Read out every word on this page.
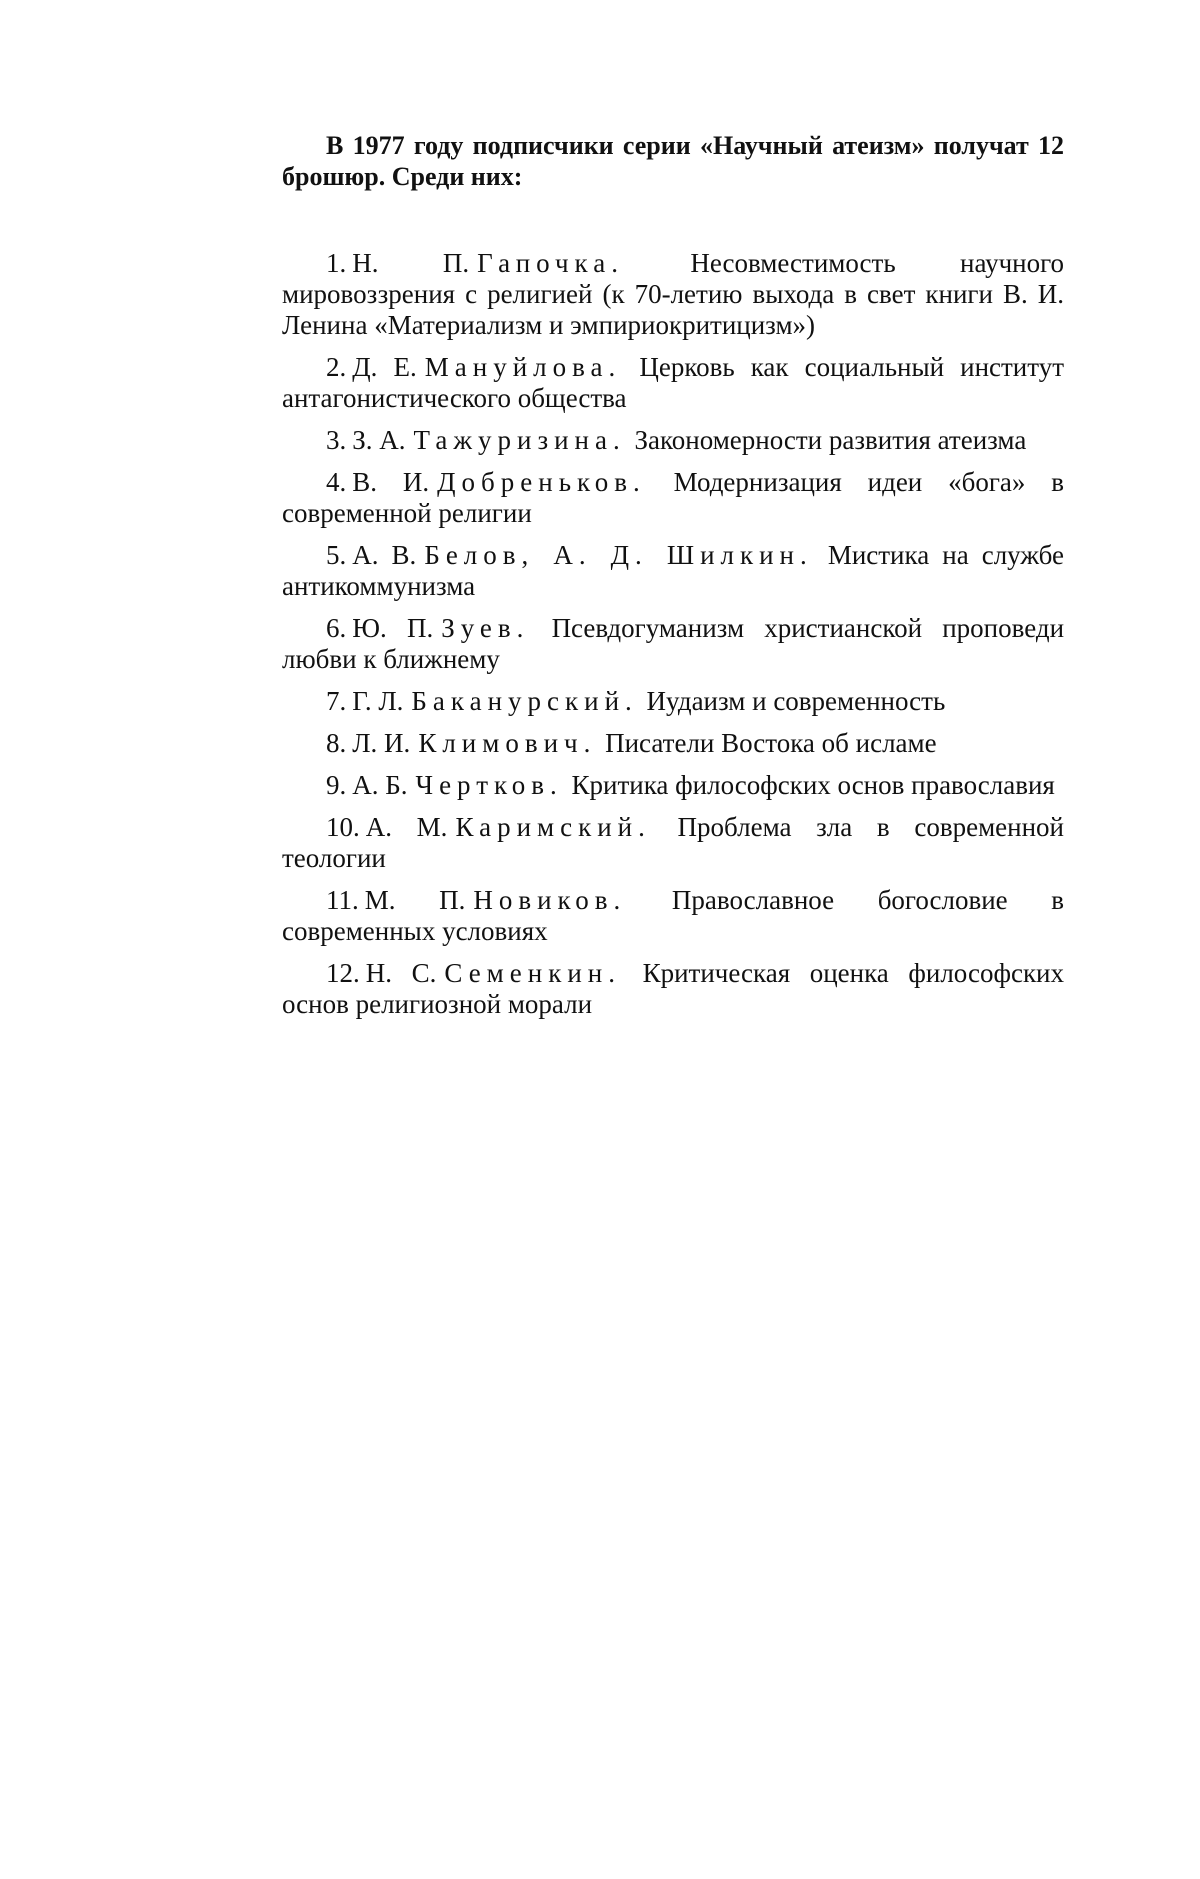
В 1977 году подписчики серии «Научный атеизм» получат 12 брошюр. Среди них:

1. Н. П. Гапочка. Несовместимость научного мировоззрения с религией (к 70-летию выхода в свет книги В. И. Ленина «Материализм и эмпириокритицизм»)
2. Д. Е. Мануйлова. Церковь как социальный институт антагонистического общества
3. З. А. Тажуризина. Закономерности развития атеизма
4. В. И. Добреньков. Модернизация идеи «бога» в современной религии
5. А. В. Белов, А. Д. Шилкин. Мистика на службе антикоммунизма
6. Ю. П. Зуев. Псевдогуманизм христианской проповеди любви к ближнему
7. Г. Л. Баканурский. Иудаизм и современность
8. Л. И. Климович. Писатели Востока об исламе
9. А. Б. Чертков. Критика философских основ православия
10. А. М. Каримский. Проблема зла в современной теологии
11. М. П. Новиков. Православное богословие в современных условиях
12. Н. С. Семенкин. Критическая оценка философских основ религиозной морали
